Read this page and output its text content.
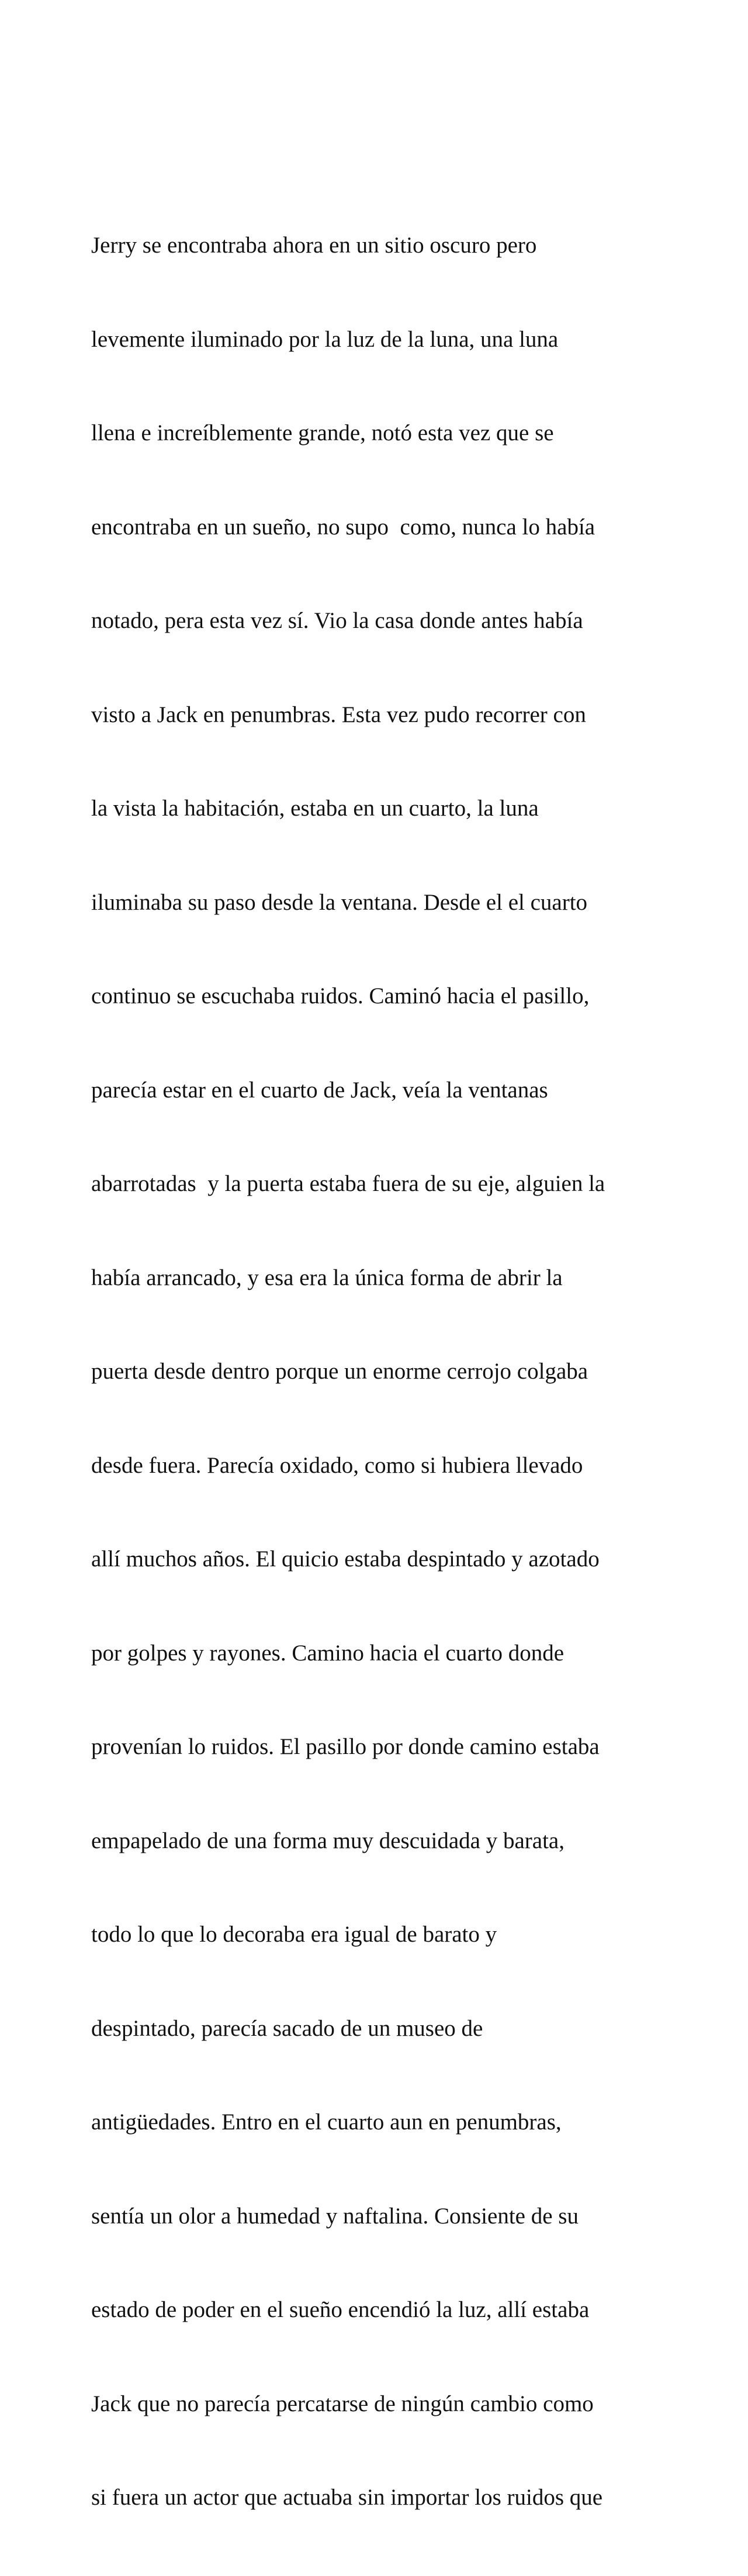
Jerry se encontraba ahora en un sitio oscuro pero

levemente iluminado por la luz de la luna, una luna

llena e increíblemente grande, notó esta vez que se

encontraba en un sueño, no supo  como, nunca lo había

notado, pera esta vez sí. Vio la casa donde antes había

visto a Jack en penumbras. Esta vez pudo recorrer con

la vista la habitación, estaba en un cuarto, la luna

iluminaba su paso desde la ventana. Desde el el cuarto

continuo se escuchaba ruidos. Caminó hacia el pasillo,

parecía estar en el cuarto de Jack, veía la ventanas

abarrotadas  y la puerta estaba fuera de su eje, alguien la

había arrancado, y esa era la única forma de abrir la

puerta desde dentro porque un enorme cerrojo colgaba

desde fuera. Parecía oxidado, como si hubiera llevado

allí muchos años. El quicio estaba despintado y azotado

por golpes y rayones. Camino hacia el cuarto donde

provenían lo ruidos. El pasillo por donde camino estaba

empapelado de una forma muy descuidada y barata,

todo lo que lo decoraba era igual de barato y

despintado, parecía sacado de un museo de

antigüedades. Entro en el cuarto aun en penumbras,

sentía un olor a humedad y naftalina. Consiente de su

estado de poder en el sueño encendió la luz, allí estaba

Jack que no parecía percatarse de ningún cambio como

si fuera un actor que actuaba sin importar los ruidos que
